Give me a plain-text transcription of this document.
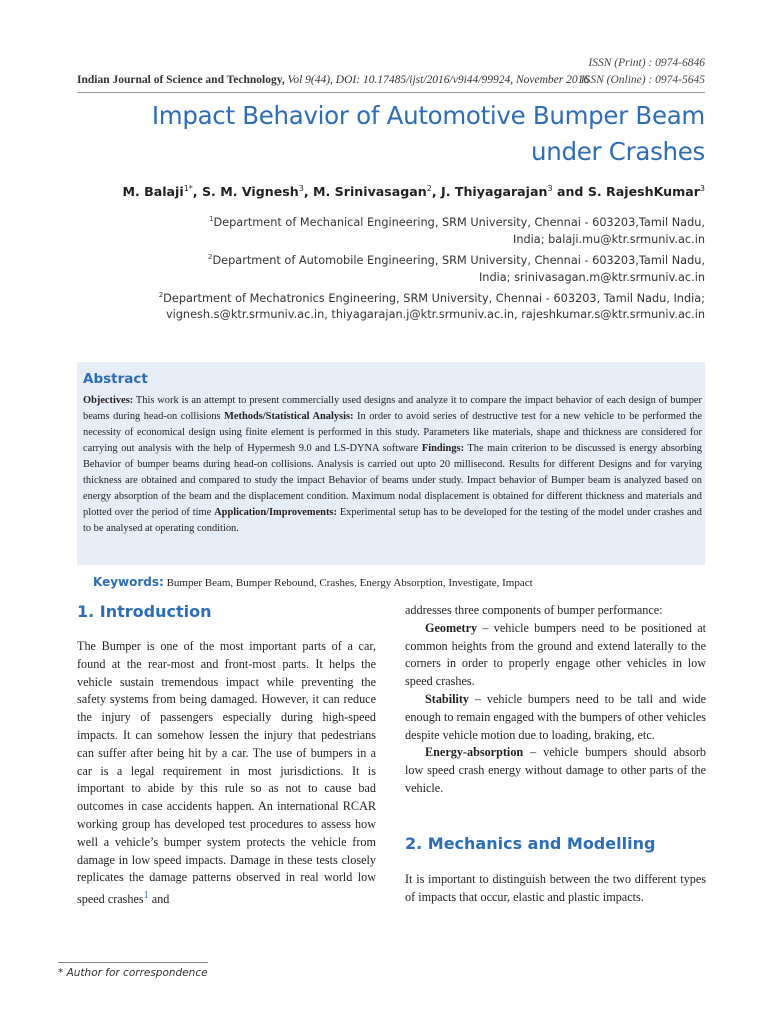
ISSN (Print) : 0974-6846
ISSN (Online) : 0974-5645
Indian Journal of Science and Technology, Vol 9(44), DOI: 10.17485/ijst/2016/v9i44/99924, November 2016
Impact Behavior of Automotive Bumper Beam under Crashes
M. Balaji$^{1*}$, S. M. Vignesh$^3$, M. Srinivasagan$^2$, J. Thiyagarajan$^3$ and S. RajeshKumar$^3$
$^1$Department of Mechanical Engineering, SRM University, Chennai - 603203,Tamil Nadu,
India; balaji.mu@ktr.srmuniv.ac.in
$^2$Department of Automobile Engineering, SRM University, Chennai - 603203,Tamil Nadu,
India; srinivasagan.m@ktr.srmuniv.ac.in
$^2$Department of Mechatronics Engineering, SRM University, Chennai - 603203, Tamil Nadu, India;
vignesh.s@ktr.srmuniv.ac.in, thiyagarajan.j@ktr.srmuniv.ac.in, rajeshkumar.s@ktr.srmuniv.ac.in
Abstract
Objectives: This work is an attempt to present commercially used designs and analyze it to compare the impact behavior of each design of bumper beams during head-on collisions Methods/Statistical Analysis: In order to avoid series of destructive test for a new vehicle to be performed the necessity of economical design using finite element is performed in this study. Parameters like materials, shape and thickness are considered for carrying out analysis with the help of Hypermesh 9.0 and LS-DYNA software Findings: The main criterion to be discussed is energy absorbing Behavior of bumper beams during head-on collisions. Analysis is carried out upto 20 millisecond. Results for different Designs and for varying thickness are obtained and compared to study the impact Behavior of beams under study. Impact behavior of Bumper beam is analyzed based on energy absorption of the beam and the displacement condition. Maximum nodal displacement is obtained for different thickness and materials and plotted over the period of time Application/Improvements: Experimental setup has to be developed for the testing of the model under crashes and to be analysed at operating condition.
Keywords: Bumper Beam, Bumper Rebound, Crashes, Energy Absorption, Investigate, Impact
1. Introduction

The Bumper is one of the most important parts of a car, found at the rear-most and front-most parts. It helps the vehicle sustain tremendous impact while preventing the safety systems from being damaged. However, it can reduce the injury of passengers especially during high-speed impacts. It can somehow lessen the injury that pedestrians can suffer after being hit by a car. The use of bumpers in a car is a legal requirement in most jurisdictions. It is important to abide by this rule so as not to cause bad outcomes in case accidents happen. An international RCAR working group has developed test procedures to assess how well a vehicle’s bumper system protects the vehicle from damage in low speed impacts. Damage in these tests closely replicates the damage patterns observed in real world low speed crashes$^1$ and

addresses three components of bumper performance:

Geometry – vehicle bumpers need to be positioned at common heights from the ground and extend laterally to the corners in order to properly engage other vehicles in low speed crashes.

Stability – vehicle bumpers need to be tall and wide enough to remain engaged with the bumpers of other vehicles despite vehicle motion due to loading, braking, etc.

Energy-absorption – vehicle bumpers should absorb low speed crash energy without damage to other parts of the vehicle.

2. Mechanics and Modelling

It is important to distinguish between the two different types of impacts that occur, elastic and plastic impacts.

* Author for correspondence
